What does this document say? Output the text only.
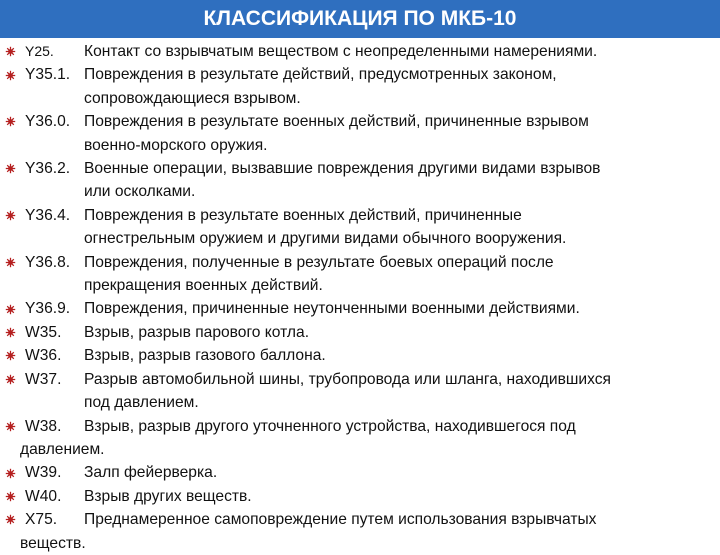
КЛАССИФИКАЦИЯ ПО МКБ-10
Y25. Контакт со взрывчатым веществом с неопределенными намерениями.
Y35.1. Повреждения в результате действий, предусмотренных законом,
сопровождающиеся взрывом.
Y36.0. Повреждения в результате военных действий, причиненные взрывом
военно-морского оружия.
Y36.2. Военные операции, вызвавшие повреждения другими видами взрывов
или осколками.
Y36.4. Повреждения в результате военных действий, причиненные
огнестрельным оружием и другими видами обычного вооружения.
Y36.8. Повреждения, полученные в результате боевых операций после
прекращения военных действий.
Y36.9. Повреждения, причиненные неутонченными военными действиями.
W35. Взрыв, разрыв парового котла.
W36. Взрыв, разрыв газового баллона.
W37. Разрыв автомобильной шины, трубопровода или шланга, находившихся
под давлением.
W38. Взрыв, разрыв другого уточненного устройства, находившегося под
давлением.
W39. Залп фейерверка.
W40. Взрыв других веществ.
X75. Преднамеренное самоповреждение путем использования взрывчатых
веществ.
